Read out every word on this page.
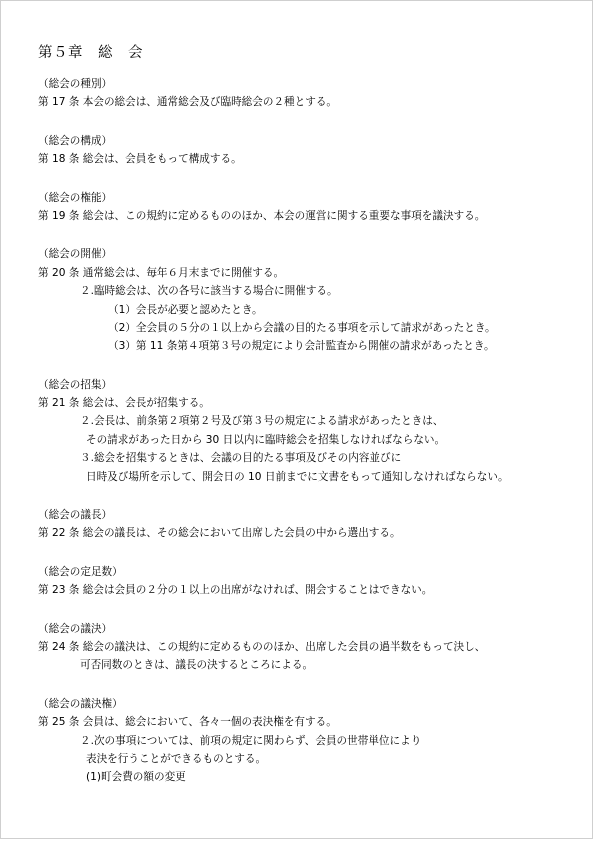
第５章　総　会
（総会の種別）
第 17 条 本会の総会は、通常総会及び臨時総会の２種とする。
（総会の構成）
第 18 条 総会は、会員をもって構成する。
（総会の権能）
第 19 条 総会は、この規約に定めるもののほか、本会の運営に関する重要な事項を議決する。
（総会の開催）
第 20 条 通常総会は、毎年６月末までに開催する。
２.臨時総会は、次の各号に該当する場合に開催する。
（1）会長が必要と認めたとき。
（2）全会員の５分の１以上から会議の目的たる事項を示して請求があったとき。
（3）第 11 条第４項第３号の規定により会計監査から開催の請求があったとき。
（総会の招集）
第 21 条 総会は、会長が招集する。
２.会長は、前条第２項第２号及び第３号の規定による請求があったときは、
その請求があった日から 30 日以内に臨時総会を招集しなければならない。
３.総会を招集するときは、会議の目的たる事項及びその内容並びに
日時及び場所を示して、開会日の 10 日前までに文書をもって通知しなければならない。
（総会の議長）
第 22 条 総会の議長は、その総会において出席した会員の中から選出する。
（総会の定足数）
第 23 条 総会は会員の２分の１以上の出席がなければ、開会することはできない。
（総会の議決）
第 24 条 総会の議決は、この規約に定めるもののほか、出席した会員の過半数をもって決し、
可否同数のときは、議長の決するところによる。
（総会の議決権）
第 25 条 会員は、総会において、各々一個の表決権を有する。
２.次の事項については、前項の規定に関わらず、会員の世帯単位により
表決を行うことができるものとする。
(1)町会費の額の変更
